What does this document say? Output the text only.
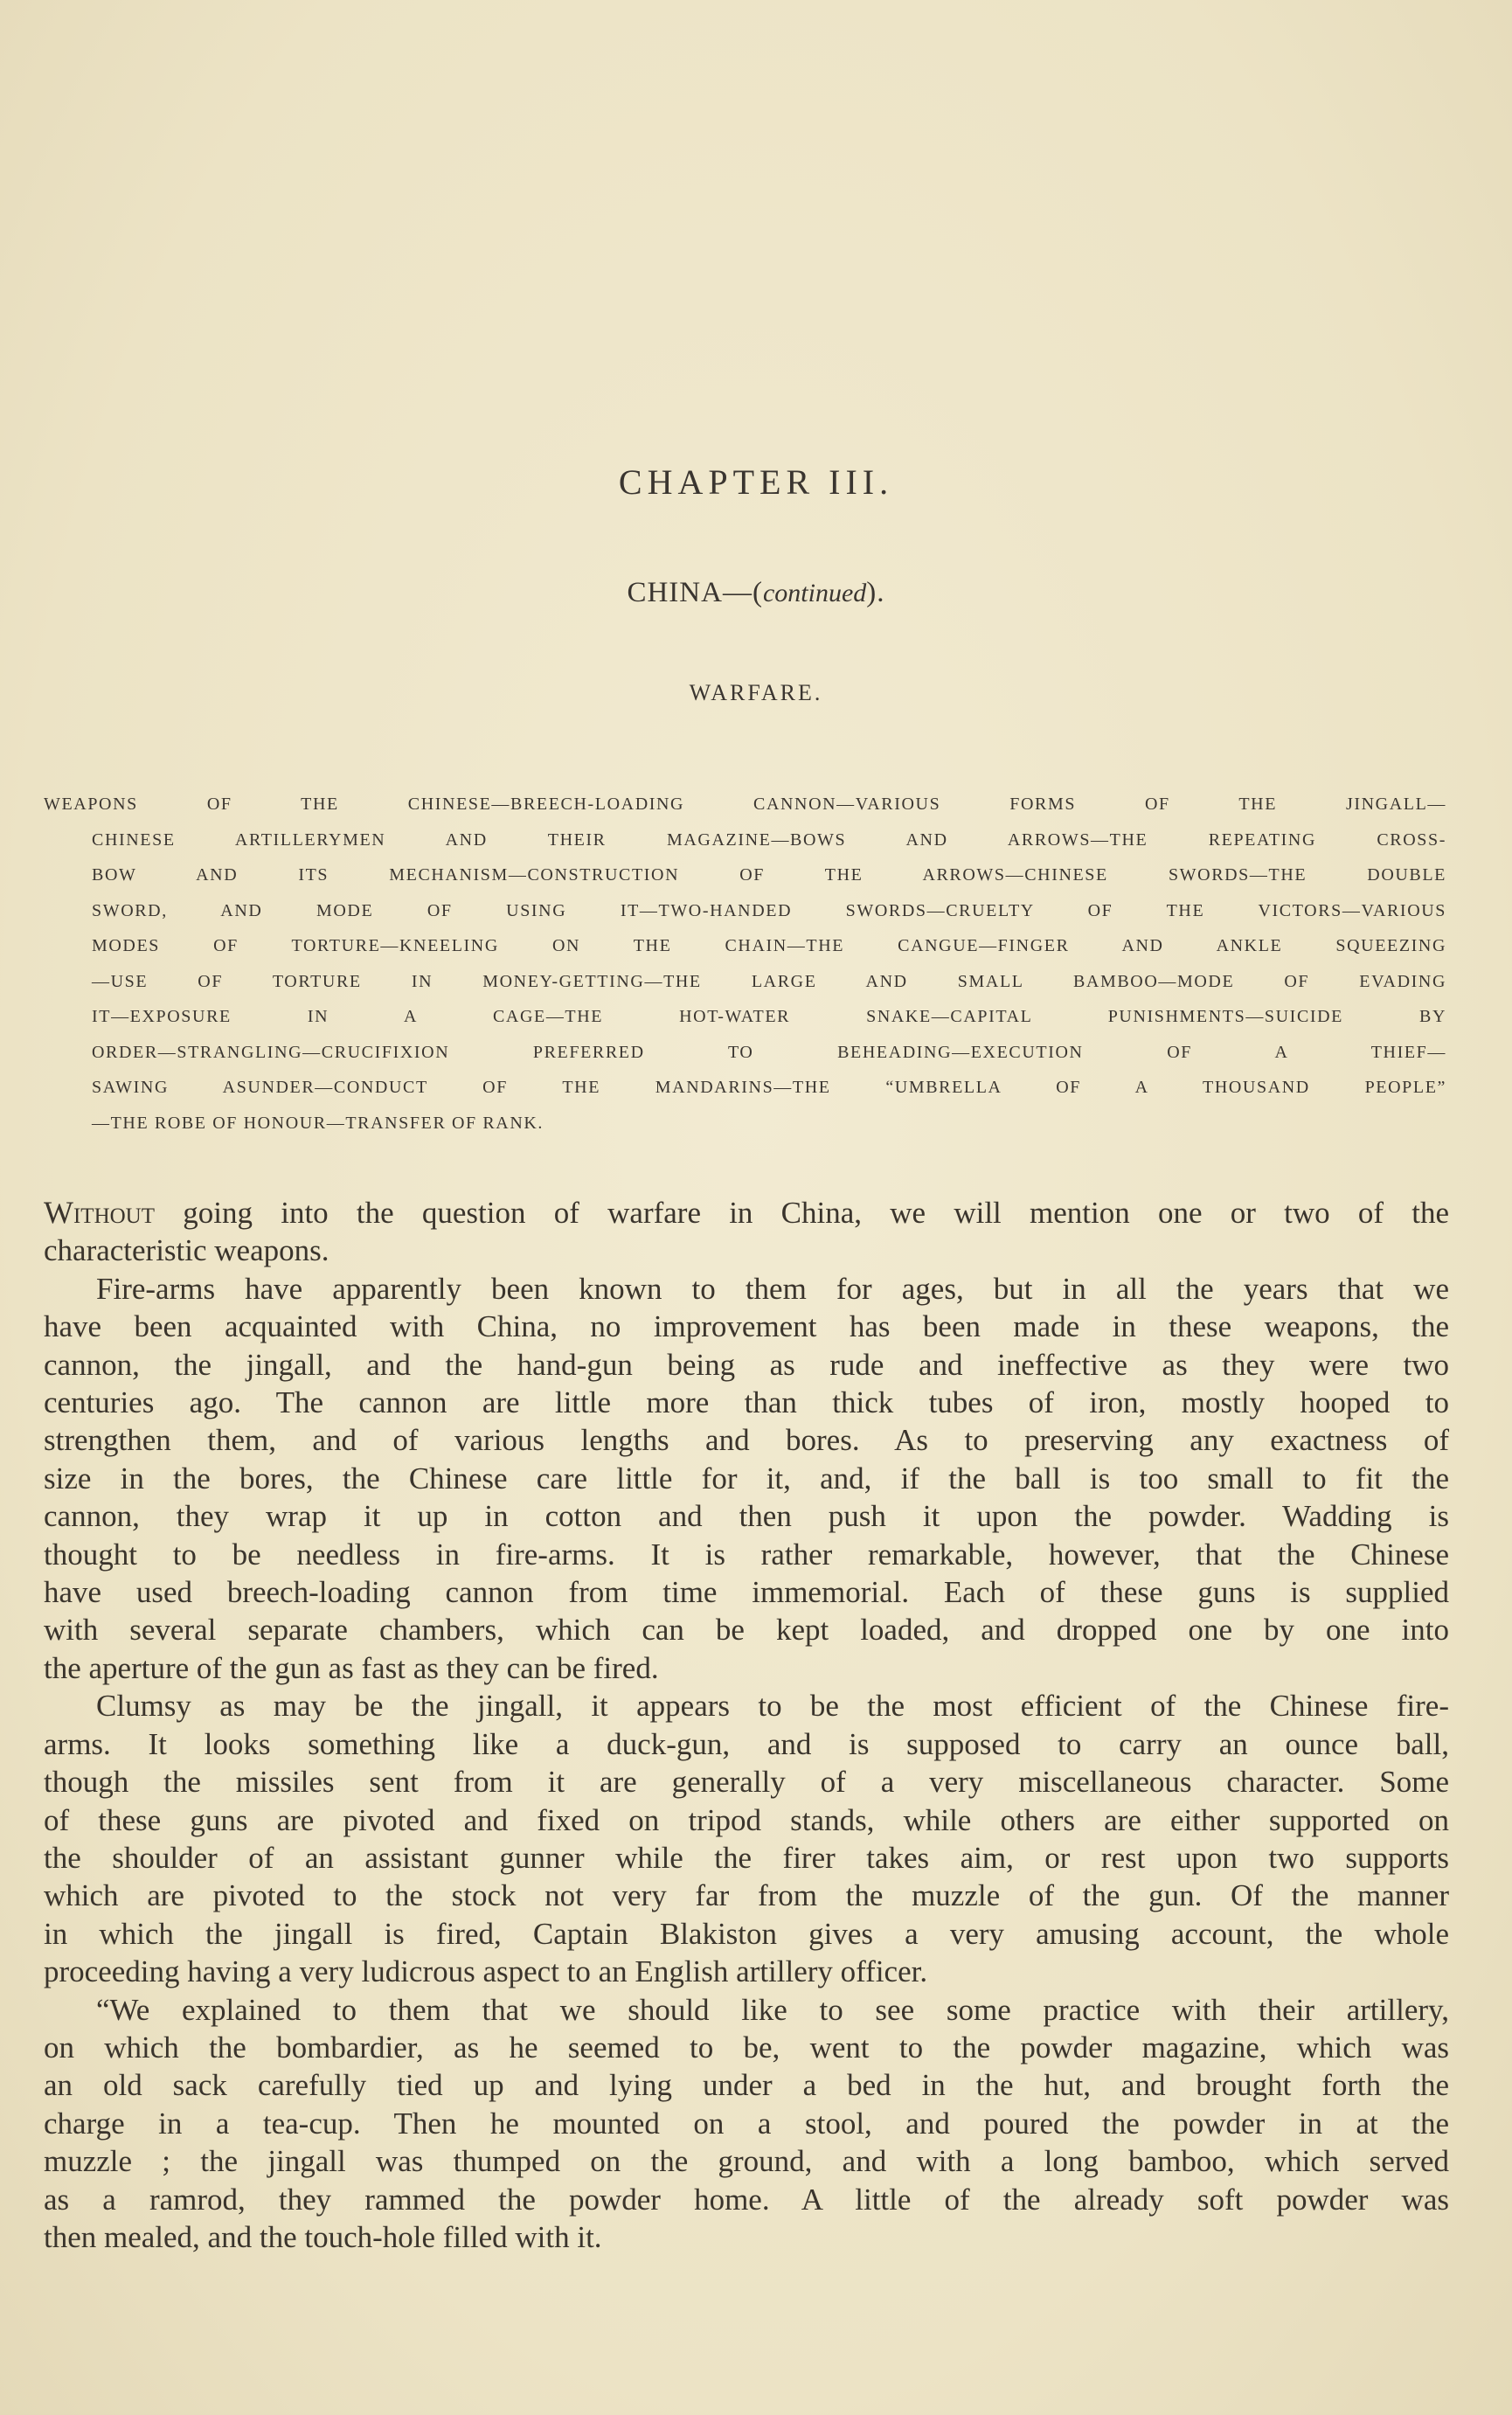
CHAPTER III.
CHINA—(continued).
WARFARE.
WEAPONS OF THE CHINESE—BREECH-LOADING CANNON—VARIOUS FORMS OF THE JINGALL—
CHINESE ARTILLERYMEN AND THEIR MAGAZINE—BOWS AND ARROWS—THE REPEATING CROSS-
BOW AND ITS MECHANISM—CONSTRUCTION OF THE ARROWS—CHINESE SWORDS—THE DOUBLE
SWORD, AND MODE OF USING IT—TWO-HANDED SWORDS—CRUELTY OF THE VICTORS—VARIOUS
MODES OF TORTURE—KNEELING ON THE CHAIN—THE CANGUE—FINGER AND ANKLE SQUEEZING
—USE OF TORTURE IN MONEY-GETTING—THE LARGE AND SMALL BAMBOO—MODE OF EVADING
IT—EXPOSURE IN A CAGE—THE HOT-WATER SNAKE—CAPITAL PUNISHMENTS—SUICIDE BY
ORDER—STRANGLING—CRUCIFIXION PREFERRED TO BEHEADING—EXECUTION OF A THIEF—
SAWING ASUNDER—CONDUCT OF THE MANDARINS—THE “UMBRELLA OF A THOUSAND PEOPLE”
—THE ROBE OF HONOUR—TRANSFER OF RANK.
Without going into the question of warfare in China, we will mention one or two of the
characteristic weapons.
Fire-arms have apparently been known to them for ages, but in all the years that we
have been acquainted with China, no improvement has been made in these weapons, the
cannon, the jingall, and the hand-gun being as rude and ineffective as they were two
centuries ago. The cannon are little more than thick tubes of iron, mostly hooped to
strengthen them, and of various lengths and bores. As to preserving any exactness of
size in the bores, the Chinese care little for it, and, if the ball is too small to fit the
cannon, they wrap it up in cotton and then push it upon the powder. Wadding is
thought to be needless in fire-arms. It is rather remarkable, however, that the Chinese
have used breech-loading cannon from time immemorial. Each of these guns is supplied
with several separate chambers, which can be kept loaded, and dropped one by one into
the aperture of the gun as fast as they can be fired.
Clumsy as may be the jingall, it appears to be the most efficient of the Chinese fire-
arms. It looks something like a duck-gun, and is supposed to carry an ounce ball,
though the missiles sent from it are generally of a very miscellaneous character. Some
of these guns are pivoted and fixed on tripod stands, while others are either supported on
the shoulder of an assistant gunner while the firer takes aim, or rest upon two supports
which are pivoted to the stock not very far from the muzzle of the gun. Of the manner
in which the jingall is fired, Captain Blakiston gives a very amusing account, the whole
proceeding having a very ludicrous aspect to an English artillery officer.
“We explained to them that we should like to see some practice with their artillery,
on which the bombardier, as he seemed to be, went to the powder magazine, which was
an old sack carefully tied up and lying under a bed in the hut, and brought forth the
charge in a tea-cup. Then he mounted on a stool, and poured the powder in at the
muzzle ; the jingall was thumped on the ground, and with a long bamboo, which served
as a ramrod, they rammed the powder home. A little of the already soft powder was
then mealed, and the touch-hole filled with it.
